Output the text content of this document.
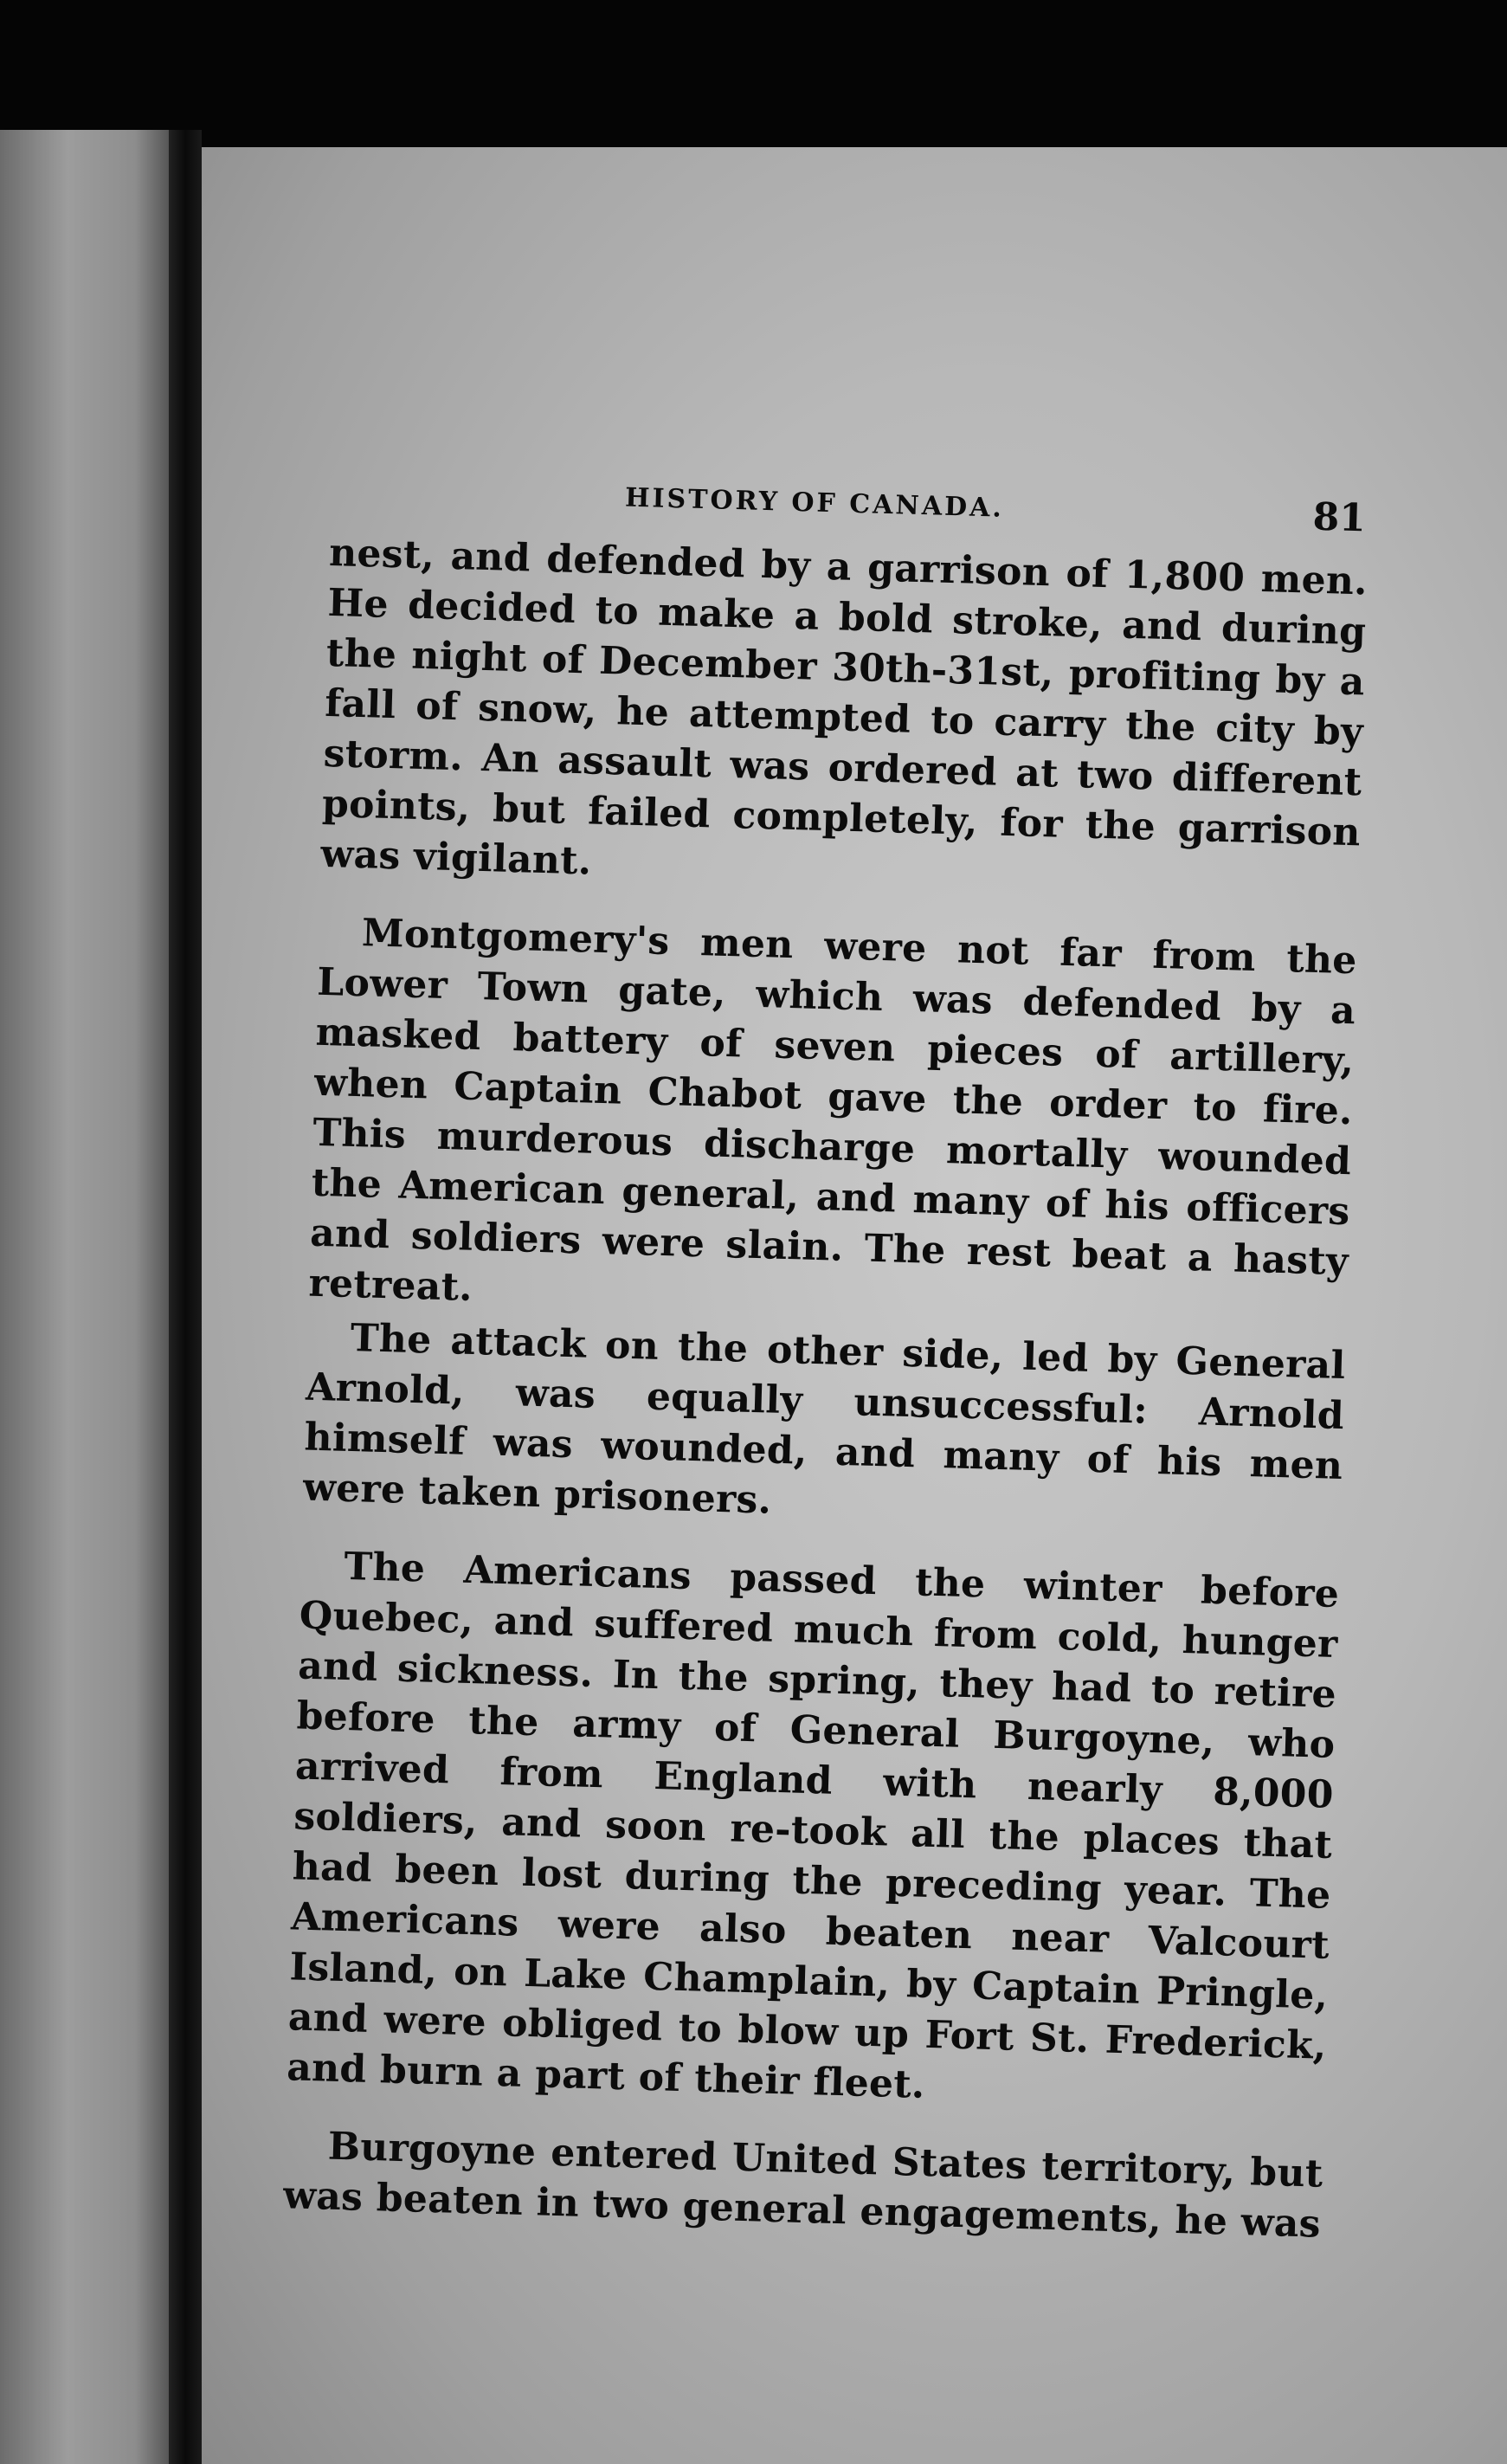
HISTORY OF CANADA.	81

nest, and defended by a garrison of 1,800 men. He decided to make a bold stroke, and during the night of December 30th-31st, profiting by a fall of snow, he attempted to carry the city by storm. An assault was ordered at two different points, but failed completely, for the garrison was vigilant.

Montgomery's men were not far from the Lower Town gate, which was defended by a masked battery of seven pieces of artillery, when Captain Chabot gave the order to fire. This murderous discharge mortally wounded the American general, and many of his officers and soldiers were slain. The rest beat a hasty retreat.

The attack on the other side, led by General Arnold, was equally unsuccessful: Arnold himself was wounded, and many of his men were taken prisoners.

The Americans passed the winter before Quebec, and suffered much from cold, hunger and sickness. In the spring, they had to retire before the army of General Burgoyne, who arrived from England with nearly 8,000 soldiers, and soon re-took all the places that had been lost during the preceding year. The Americans were also beaten near Valcourt Island, on Lake Champlain, by Captain Pringle, and were obliged to blow up Fort St. Frederick, and burn a part of their fleet.

Burgoyne entered United States territory, but was beaten in two general engagements, he was
